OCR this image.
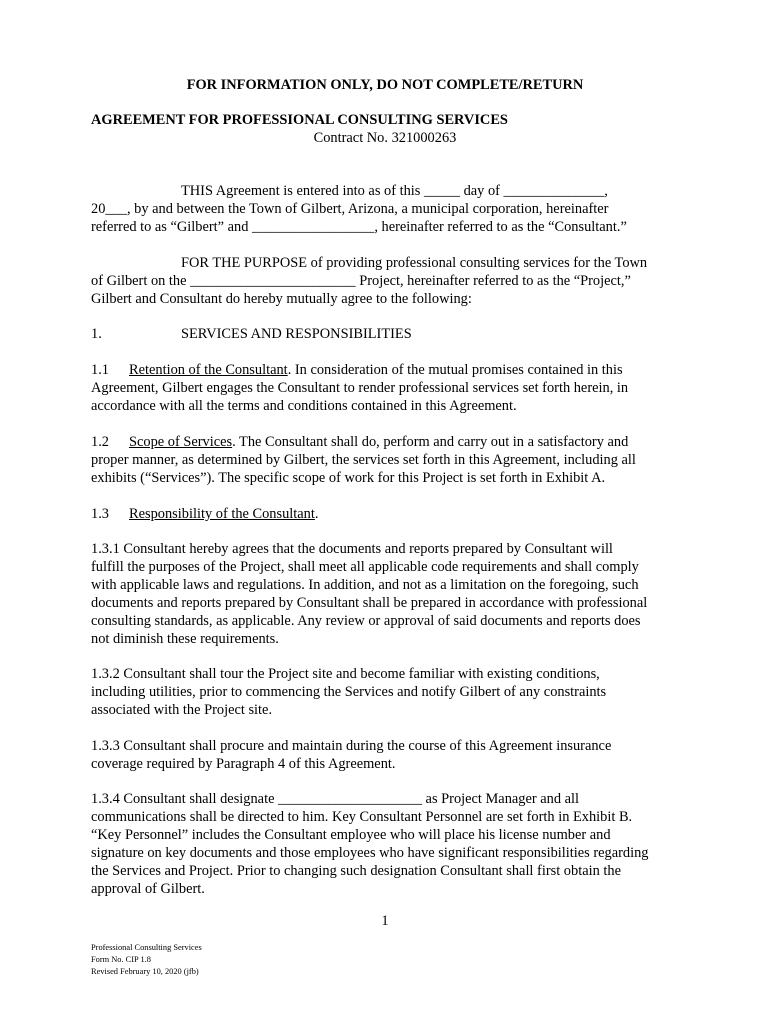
FOR INFORMATION ONLY, DO NOT COMPLETE/RETURN
AGREEMENT FOR PROFESSIONAL CONSULTING SERVICES
Contract No. 321000263
THIS Agreement is entered into as of this _____ day of ______________,
20___, by and between the Town of Gilbert, Arizona, a municipal corporation, hereinafter
referred to as “Gilbert” and _________________, hereinafter referred to as the “Consultant.”
FOR THE PURPOSE of providing professional consulting services for the Town
of Gilbert on the _______________________ Project, hereinafter referred to as the “Project,”
Gilbert and Consultant do hereby mutually agree to the following:
1.	SERVICES AND RESPONSIBILITIES
1.1 Retention of the Consultant. In consideration of the mutual promises contained in this
Agreement, Gilbert engages the Consultant to render professional services set forth herein, in
accordance with all the terms and conditions contained in this Agreement.
1.2 Scope of Services. The Consultant shall do, perform and carry out in a satisfactory and
proper manner, as determined by Gilbert, the services set forth in this Agreement, including all
exhibits (“Services”). The specific scope of work for this Project is set forth in Exhibit A.
1.3 Responsibility of the Consultant.
1.3.1 Consultant hereby agrees that the documents and reports prepared by Consultant will
fulfill the purposes of the Project, shall meet all applicable code requirements and shall comply
with applicable laws and regulations. In addition, and not as a limitation on the foregoing, such
documents and reports prepared by Consultant shall be prepared in accordance with professional
consulting standards, as applicable. Any review or approval of said documents and reports does
not diminish these requirements.
1.3.2 Consultant shall tour the Project site and become familiar with existing conditions,
including utilities, prior to commencing the Services and notify Gilbert of any constraints
associated with the Project site.
1.3.3 Consultant shall procure and maintain during the course of this Agreement insurance
coverage required by Paragraph 4 of this Agreement.
1.3.4 Consultant shall designate ____________________ as Project Manager and all
communications shall be directed to him. Key Consultant Personnel are set forth in Exhibit B.
“Key Personnel” includes the Consultant employee who will place his license number and
signature on key documents and those employees who have significant responsibilities regarding
the Services and Project. Prior to changing such designation Consultant shall first obtain the
approval of Gilbert.
1
Professional Consulting Services
Form No. CIP 1.8
Revised February 10, 2020 (jfb)
